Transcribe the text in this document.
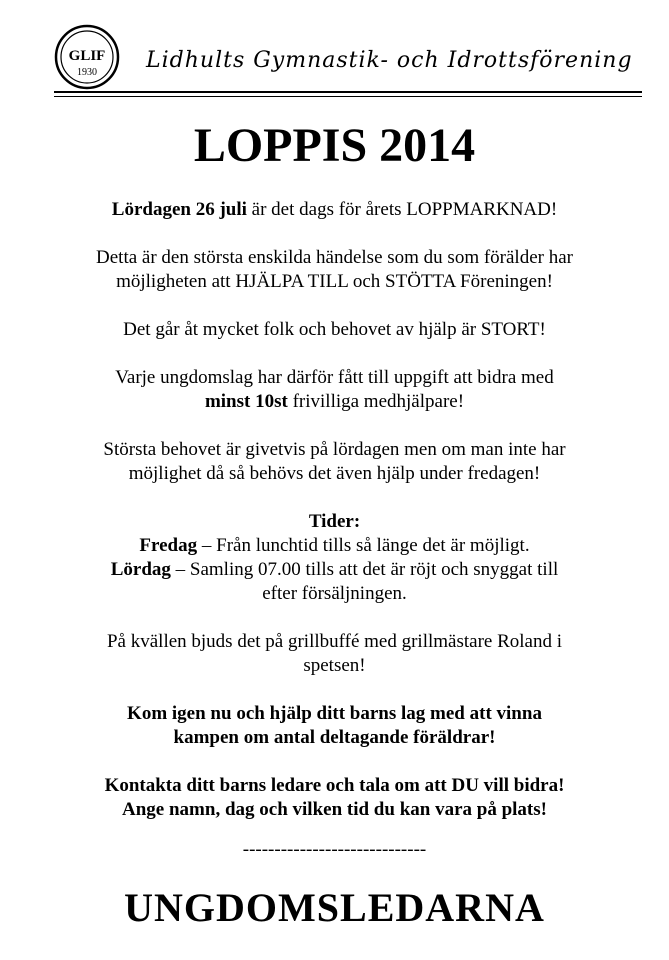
GLIF
1930 Lidhults Gymnastik- och Idrottsförening
LOPPIS 2014

Lördagen 26 juli är det dags för årets LOPPMARKNAD!

Detta är den största enskilda händelse som du som förälder har
möjligheten att HJÄLPA TILL och STÖTTA Föreningen!

Det går åt mycket folk och behovet av hjälp är STORT!

Varje ungdomslag har därför fått till uppgift att bidra med
minst 10st frivilliga medhjälpare!

Största behovet är givetvis på lördagen men om man inte har
möjlighet då så behövs det även hjälp under fredagen!

Tider:
Fredag – Från lunchtid tills så länge det är möjligt.
Lördag – Samling 07.00 tills att det är röjt och snyggat till
efter försäljningen.

På kvällen bjuds det på grillbuffé med grillmästare Roland i
spetsen!

Kom igen nu och hjälp ditt barns lag med att vinna
kampen om antal deltagande föräldrar!

Kontakta ditt barns ledare och tala om att DU vill bidra!
Ange namn, dag och vilken tid du kan vara på plats!

-----------------------------
UNGDOMSLEDARNA
